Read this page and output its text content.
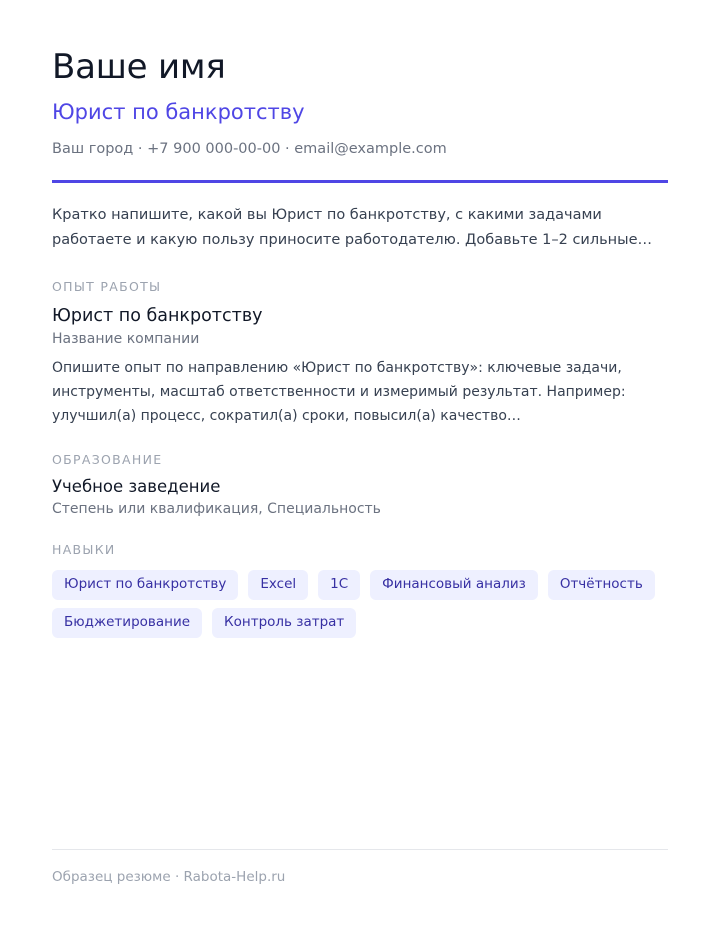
Ваше имя
Юрист по банкротству
Ваш город · +7 900 000-00-00 · email@example.com
Кратко напишите, какой вы Юрист по банкротству, с какими задачами работаете и какую пользу приносите работодателю. Добавьте 1–2 сильные…
ОПЫТ РАБОТЫ
Юрист по банкротству
Название компании
Опишите опыт по направлению «Юрист по банкротству»: ключевые задачи, инструменты, масштаб ответственности и измеримый результат. Например: улучшил(а) процесс, сократил(а) сроки, повысил(а) качество…
ОБРАЗОВАНИЕ
Учебное заведение
Степень или квалификация, Специальность
НАВЫКИ
Юрист по банкротству	Excel	1С	Финансовый анализ	Отчётность
Бюджетирование	Контроль затрат
Образец резюме · Rabota-Help.ru
